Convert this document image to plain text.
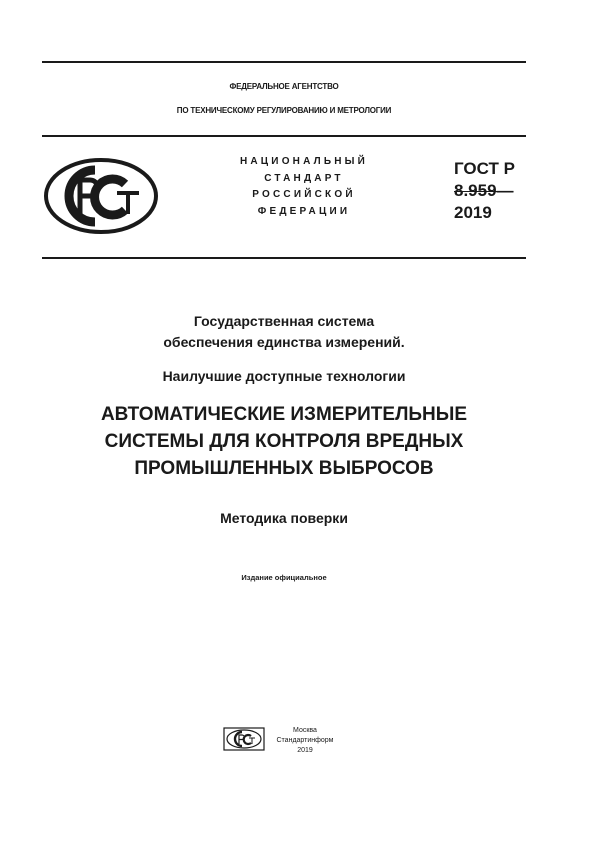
ФЕДЕРАЛЬНОЕ АГЕНТСТВО
ПО ТЕХНИЧЕСКОМУ РЕГУЛИРОВАНИЮ И МЕТРОЛОГИИ
НАЦИОНАЛЬНЫЙ
СТАНДАРТ
РОССИЙСКОЙ
ФЕДЕРАЦИИ
ГОСТ Р
8.959—
2019
Государственная система
обеспечения единства измерений.
Наилучшие доступные технологии
АВТОМАТИЧЕСКИЕ ИЗМЕРИТЕЛЬНЫЕ
СИСТЕМЫ ДЛЯ КОНТРОЛЯ ВРЕДНЫХ
ПРОМЫШЛЕННЫХ ВЫБРОСОВ
Методика поверки
Издание официальное
Москва
Стандартинформ
2019
